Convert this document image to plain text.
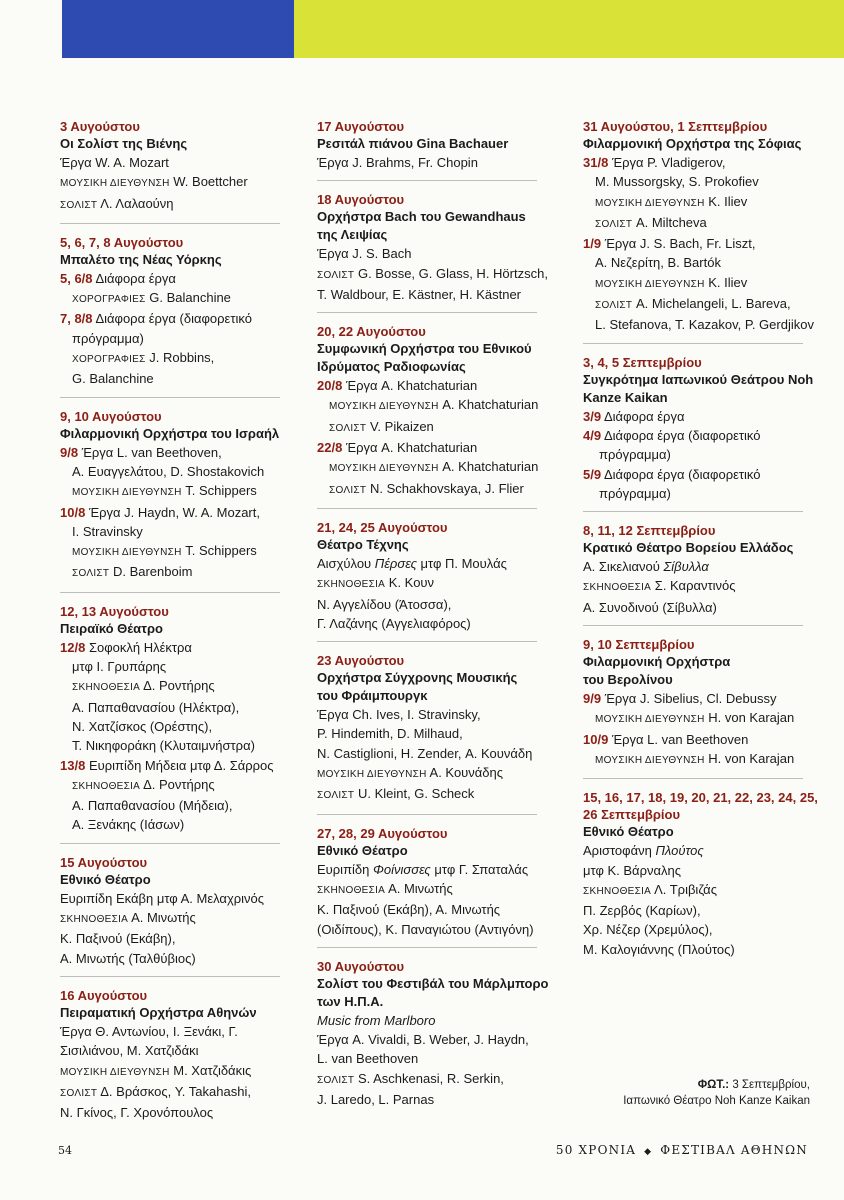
3 Αυγούστου
Οι Σολίστ της Βιένης
Έργα W. A. Mozart
ΜΟΥΣΙΚΗ ΔΙΕΥΘΥΝΣΗ W. Boettcher
ΣΟΛΙΣΤ Λ. Λαλαούνη
5, 6, 7, 8 Αυγούστου
Μπαλέτο της Νέας Υόρκης
5, 6/8 Διάφορα έργα
ΧΟΡΟΓΡΑΦΙΕΣ G. Balanchine
7, 8/8 Διάφορα έργα (διαφορετικό
πρόγραμμα)
ΧΟΡΟΓΡΑΦΙΕΣ J. Robbins,
G. Balanchine
9, 10 Αυγούστου
Φιλαρμονική Ορχήστρα του Ισραήλ
9/8 Έργα L. van Beethoven,
Α. Ευαγγελάτου, D. Shostakovich
ΜΟΥΣΙΚΗ ΔΙΕΥΘΥΝΣΗ T. Schippers
10/8 Έργα J. Haydn, W. A. Mozart,
I. Stravinsky
ΜΟΥΣΙΚΗ ΔΙΕΥΘΥΝΣΗ T. Schippers
ΣΟΛΙΣΤ D. Barenboim
12, 13 Αυγούστου
Πειραϊκό Θέατρο
12/8 Σοφοκλή Ηλέκτρα
μτφ Ι. Γρυπάρης
ΣΚΗΝΟΘΕΣΙΑ Δ. Ροντήρης
Α. Παπαθανασίου (Ηλέκτρα),
Ν. Χατζίσκος (Ορέστης),
Τ. Νικηφοράκη (Κλυταιμνήστρα)
13/8 Ευριπίδη Μήδεια μτφ Δ. Σάρρος
ΣΚΗΝΟΘΕΣΙΑ Δ. Ροντήρης
Α. Παπαθανασίου (Μήδεια),
Α. Ξενάκης (Ιάσων)
15 Αυγούστου
Εθνικό Θέατρο
Ευριπίδη Εκάβη μτφ Α. Μελαχρινός
ΣΚΗΝΟΘΕΣΙΑ Α. Μινωτής
Κ. Παξινού (Εκάβη),
Α. Μινωτής (Ταλθύβιος)
16 Αυγούστου
Πειραματική Ορχήστρα Αθηνών
Έργα Θ. Αντωνίου, Ι. Ξενάκι, Γ.
Σισιλιάνου, Μ. Χατζιδάκι
ΜΟΥΣΙΚΗ ΔΙΕΥΘΥΝΣΗ Μ. Χατζιδάκις
ΣΟΛΙΣΤ Δ. Βράσκος, Y. Takahashi,
Ν. Γκίνος, Γ. Χρονόπουλος
17 Αυγούστου
Ρεσιτάλ πιάνου Gina Bachauer
Έργα J. Brahms, Fr. Chopin
18 Αυγούστου
Ορχήστρα Bach του Gewandhaus
της Λειψίας
Έργα J. S. Bach
ΣΟΛΙΣΤ G. Bosse, G. Glass, H. Hörtzsch,
T. Waldbour, E. Kästner, H. Kästner
20, 22 Αυγούστου
Συμφωνική Ορχήστρα του Εθνικού
Ιδρύματος Ραδιοφωνίας
20/8 Έργα A. Khatchaturian
ΜΟΥΣΙΚΗ ΔΙΕΥΘΥΝΣΗ A. Khatchaturian
ΣΟΛΙΣΤ V. Pikaizen
22/8 Έργα A. Khatchaturian
ΜΟΥΣΙΚΗ ΔΙΕΥΘΥΝΣΗ A. Khatchaturian
ΣΟΛΙΣΤ N. Schakhovskaya, J. Flier
21, 24, 25 Αυγούστου
Θέατρο Τέχνης
Αισχύλου Πέρσες μτφ Π. Μουλάς
ΣΚΗΝΟΘΕΣΙΑ Κ. Κουν
Ν. Αγγελίδου (Άτοσσα),
Γ. Λαζάνης (Αγγελιαφόρος)
23 Αυγούστου
Ορχήστρα Σύγχρονης Μουσικής
του Φράιμπουργκ
Έργα Ch. Ives, I. Stravinsky,
P. Hindemith, D. Milhaud,
N. Castiglioni, H. Zender, Α. Κουνάδη
ΜΟΥΣΙΚΗ ΔΙΕΥΘΥΝΣΗ Α. Κουνάδης
ΣΟΛΙΣΤ U. Kleint, G. Scheck
27, 28, 29 Αυγούστου
Εθνικό Θέατρο
Ευριπίδη Φοίνισσες μτφ Γ. Σπαταλάς
ΣΚΗΝΟΘΕΣΙΑ Α. Μινωτής
Κ. Παξινού (Εκάβη), Α. Μινωτής
(Οιδίπους), Κ. Παναγιώτου (Αντιγόνη)
30 Αυγούστου
Σολίστ του Φεστιβάλ του Μάρλμπορο
των Η.Π.Α.
Music from Marlboro
Έργα A. Vivaldi, B. Weber, J. Haydn,
L. van Beethoven
ΣΟΛΙΣΤ S. Aschkenasi, R. Serkin,
J. Laredo, L. Parnas
31 Αυγούστου, 1 Σεπτεμβρίου
Φιλαρμονική Ορχήστρα της Σόφιας
31/8 Έργα P. Vladigerov,
M. Mussorgsky, S. Prokofiev
ΜΟΥΣΙΚΗ ΔΙΕΥΘΥΝΣΗ K. Iliev
ΣΟΛΙΣΤ A. Miltcheva
1/9 Έργα J. S. Bach, Fr. Liszt,
Α. Νεζερίτη, B. Bartók
ΜΟΥΣΙΚΗ ΔΙΕΥΘΥΝΣΗ K. Iliev
ΣΟΛΙΣΤ A. Michelangeli, L. Bareva,
L. Stefanova, T. Kazakov, P. Gerdjikov
3, 4, 5 Σεπτεμβρίου
Συγκρότημα Ιαπωνικού Θεάτρου Noh
Kanze Kaikan
3/9 Διάφορα έργα
4/9 Διάφορα έργα (διαφορετικό
πρόγραμμα)
5/9 Διάφορα έργα (διαφορετικό
πρόγραμμα)
8, 11, 12 Σεπτεμβρίου
Κρατικό Θέατρο Βορείου Ελλάδος
Α. Σικελιανού Σίβυλλα
ΣΚΗΝΟΘΕΣΙΑ Σ. Καραντινός
Α. Συνοδινού (Σίβυλλα)
9, 10 Σεπτεμβρίου
Φιλαρμονική Ορχήστρα
του Βερολίνου
9/9 Έργα J. Sibelius, Cl. Debussy
ΜΟΥΣΙΚΗ ΔΙΕΥΘΥΝΣΗ H. von Karajan
10/9 Έργα L. van Beethoven
ΜΟΥΣΙΚΗ ΔΙΕΥΘΥΝΣΗ H. von Karajan
15, 16, 17, 18, 19, 20, 21, 22, 23, 24, 25, 26 Σεπτεμβρίου
Εθνικό Θέατρο
Αριστοφάνη Πλούτος
μτφ Κ. Βάρναλης
ΣΚΗΝΟΘΕΣΙΑ Λ. Τριβιζάς
Π. Ζερβός (Καρίων),
Χρ. Νέζερ (Χρεμύλος),
Μ. Καλογιάννης (Πλούτος)
ΦΩΤ.: 3 Σεπτεμβρίου,
Ιαπωνικό Θέατρο Noh Kanze Kaikan
54	50 ΧΡΟΝΙΑ ◆ ΦΕΣΤΙΒΑΛ ΑΘΗΝΩΝ
